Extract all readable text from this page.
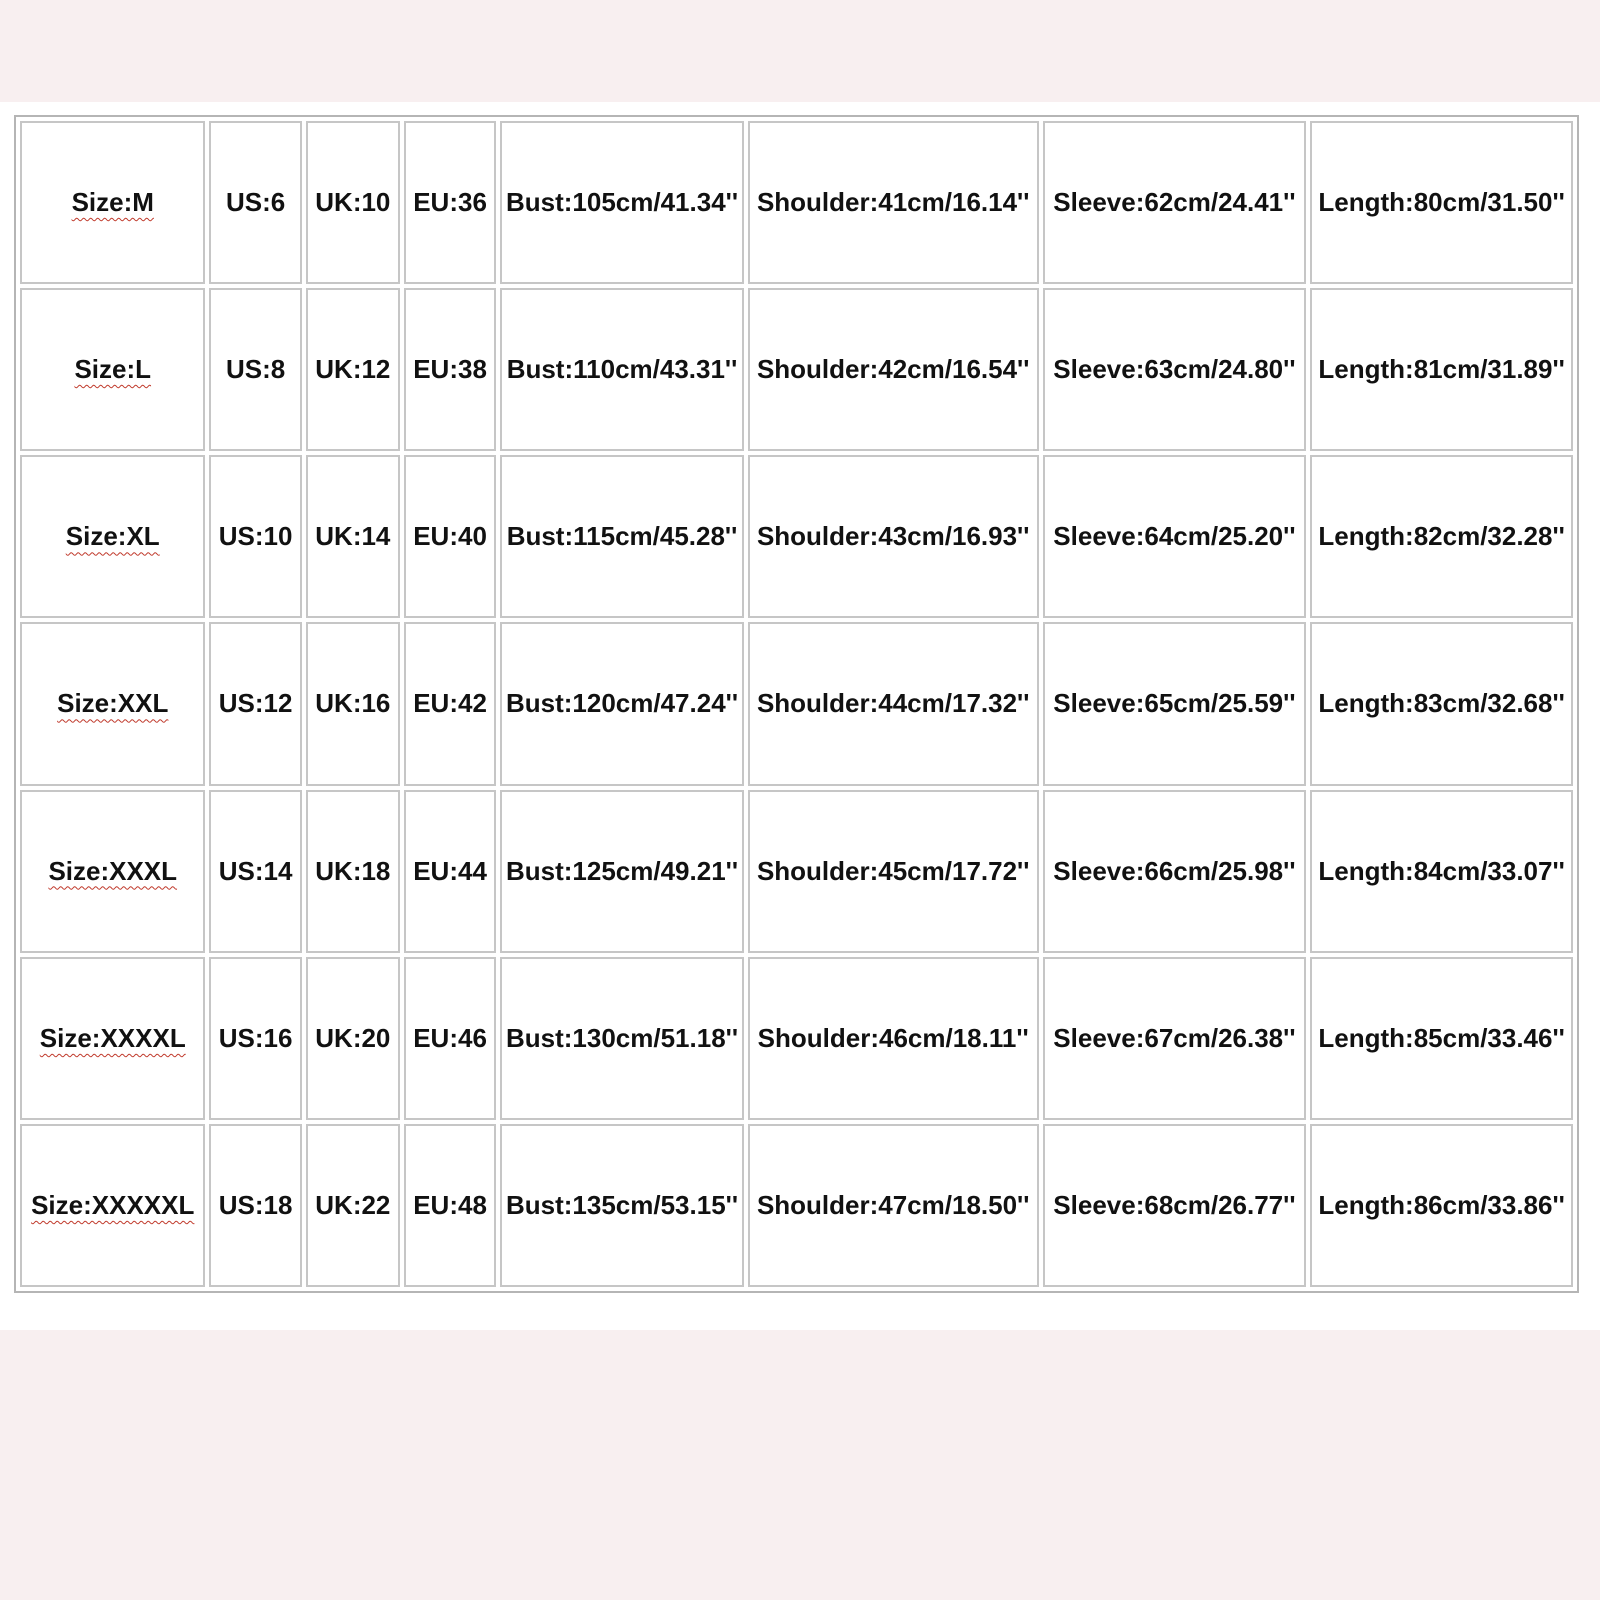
Size:M	US:6	UK:10	EU:36	Bust:105cm/41.34''	Shoulder:41cm/16.14''	Sleeve:62cm/24.41''	Length:80cm/31.50''
Size:L	US:8	UK:12	EU:38	Bust:110cm/43.31''	Shoulder:42cm/16.54''	Sleeve:63cm/24.80''	Length:81cm/31.89''
Size:XL	US:10	UK:14	EU:40	Bust:115cm/45.28''	Shoulder:43cm/16.93''	Sleeve:64cm/25.20''	Length:82cm/32.28''
Size:XXL	US:12	UK:16	EU:42	Bust:120cm/47.24''	Shoulder:44cm/17.32''	Sleeve:65cm/25.59''	Length:83cm/32.68''
Size:XXXL	US:14	UK:18	EU:44	Bust:125cm/49.21''	Shoulder:45cm/17.72''	Sleeve:66cm/25.98''	Length:84cm/33.07''
Size:XXXXL	US:16	UK:20	EU:46	Bust:130cm/51.18''	Shoulder:46cm/18.11''	Sleeve:67cm/26.38''	Length:85cm/33.46''
Size:XXXXXL	US:18	UK:22	EU:48	Bust:135cm/53.15''	Shoulder:47cm/18.50''	Sleeve:68cm/26.77''	Length:86cm/33.86''
